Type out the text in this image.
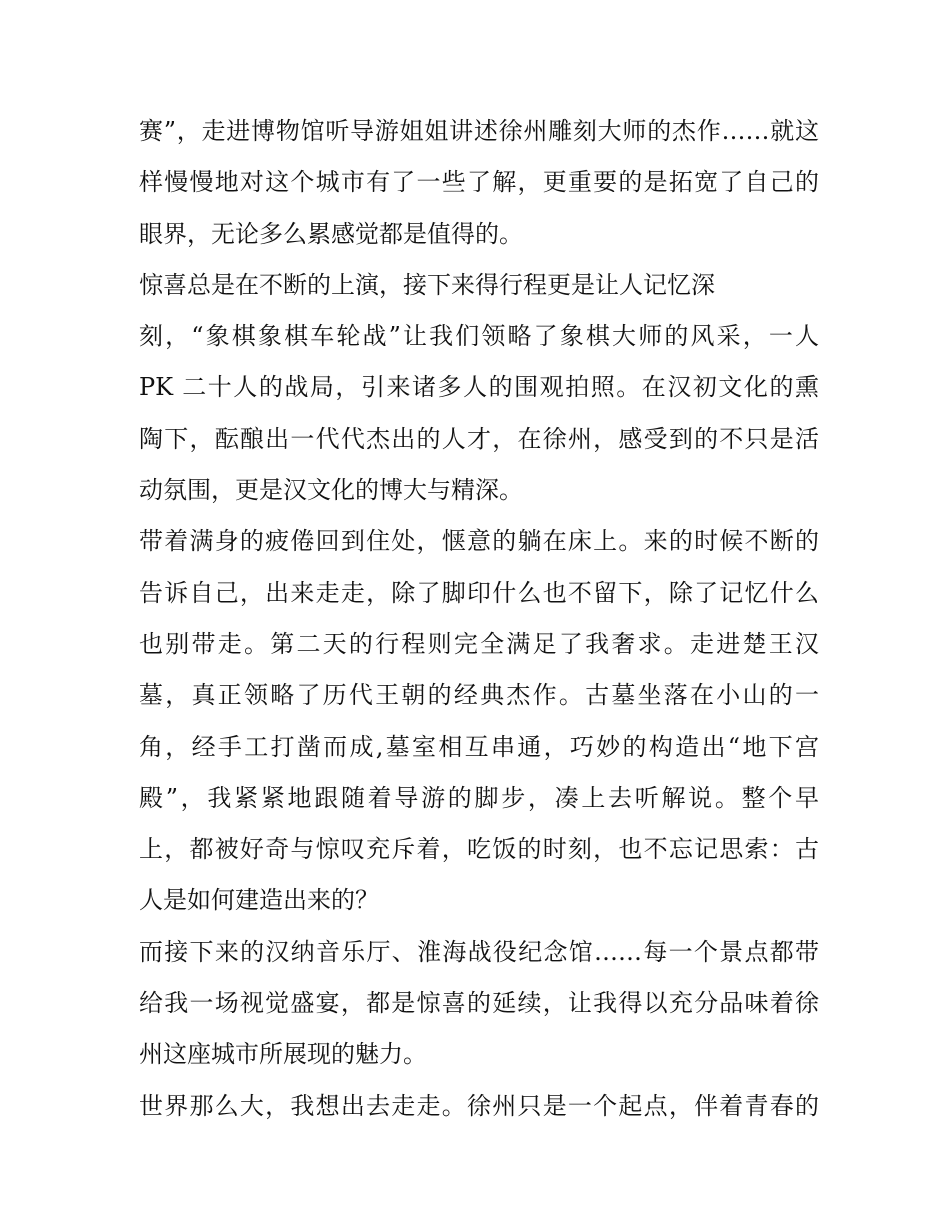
赛”，走进博物馆听导游姐姐讲述徐州雕刻大师的杰作……就这
样慢慢地对这个城市有了一些了解，更重要的是拓宽了自己的
眼界，无论多么累感觉都是值得的。
惊喜总是在不断的上演，接下来得行程更是让人记忆深
刻，“象棋象棋车轮战”让我们领略了象棋大师的风采，一人
PK 二十人的战局，引来诸多人的围观拍照。在汉初文化的熏
陶下，酝酿出一代代杰出的人才，在徐州，感受到的不只是活
动氛围，更是汉文化的博大与精深。
带着满身的疲倦回到住处，惬意的躺在床上。来的时候不断的
告诉自己，出来走走，除了脚印什么也不留下，除了记忆什么
也别带走。第二天的行程则完全满足了我奢求。走进楚王汉
墓，真正领略了历代王朝的经典杰作。古墓坐落在小山的一
角，经手工打凿而成,墓室相互串通，巧妙的构造出“地下宫
殿”，我紧紧地跟随着导游的脚步，凑上去听解说。整个早
上，都被好奇与惊叹充斥着，吃饭的时刻，也不忘记思索：古
人是如何建造出来的？
而接下来的汉纳音乐厅、淮海战役纪念馆……每一个景点都带
给我一场视觉盛宴，都是惊喜的延续，让我得以充分品味着徐
州这座城市所展现的魅力。
世界那么大，我想出去走走。徐州只是一个起点，伴着青春的
